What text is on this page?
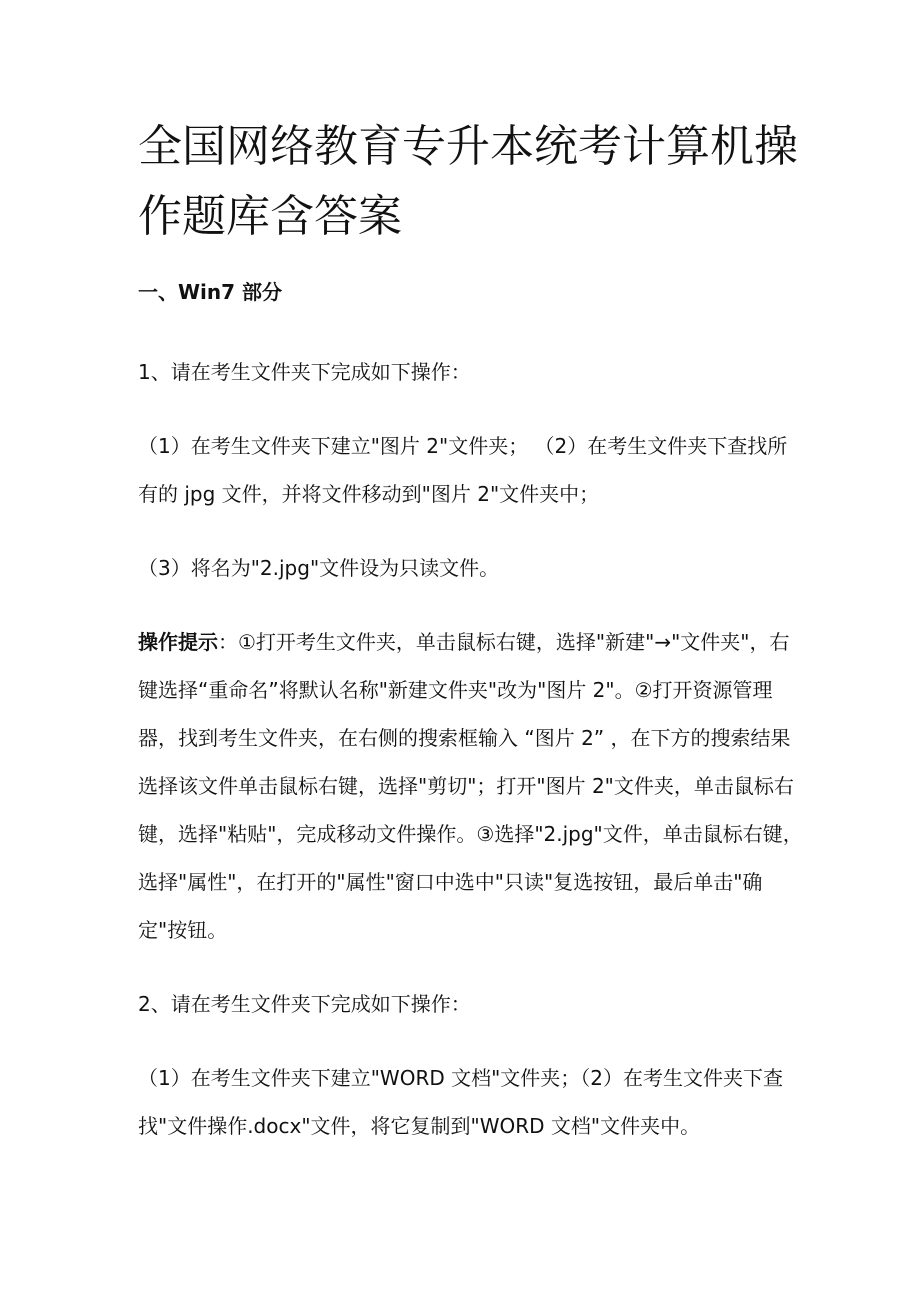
全国网络教育专升本统考计算机操作题库含答案
一、Win7 部分

1、请在考生文件夹下完成如下操作：

（1）在考生文件夹下建立"图片 2"文件夹； （2）在考生文件夹下查找所有的 jpg 文件，并将文件移动到"图片 2"文件夹中；

（3）将名为"2.jpg"文件设为只读文件。

操作提示：①打开考生文件夹，单击鼠标右键，选择"新建"→"文件夹"，右键选择“重命名”将默认名称"新建文件夹"改为"图片 2"。②打开资源管理器，找到考生文件夹，在右侧的搜索框输入 “图片 2” ，在下方的搜索结果选择该文件单击鼠标右键，选择"剪切"；打开"图片 2"文件夹，单击鼠标右键，选择"粘贴"，完成移动文件操作。③选择"2.jpg"文件，单击鼠标右键，选择"属性"，在打开的"属性"窗口中选中"只读"复选按钮，最后单击"确定"按钮。

2、请在考生文件夹下完成如下操作：

（1）在考生文件夹下建立"WORD 文档"文件夹；（2）在考生文件夹下查找"文件操作.docx"文件，将它复制到"WORD 文档"文件夹中。
